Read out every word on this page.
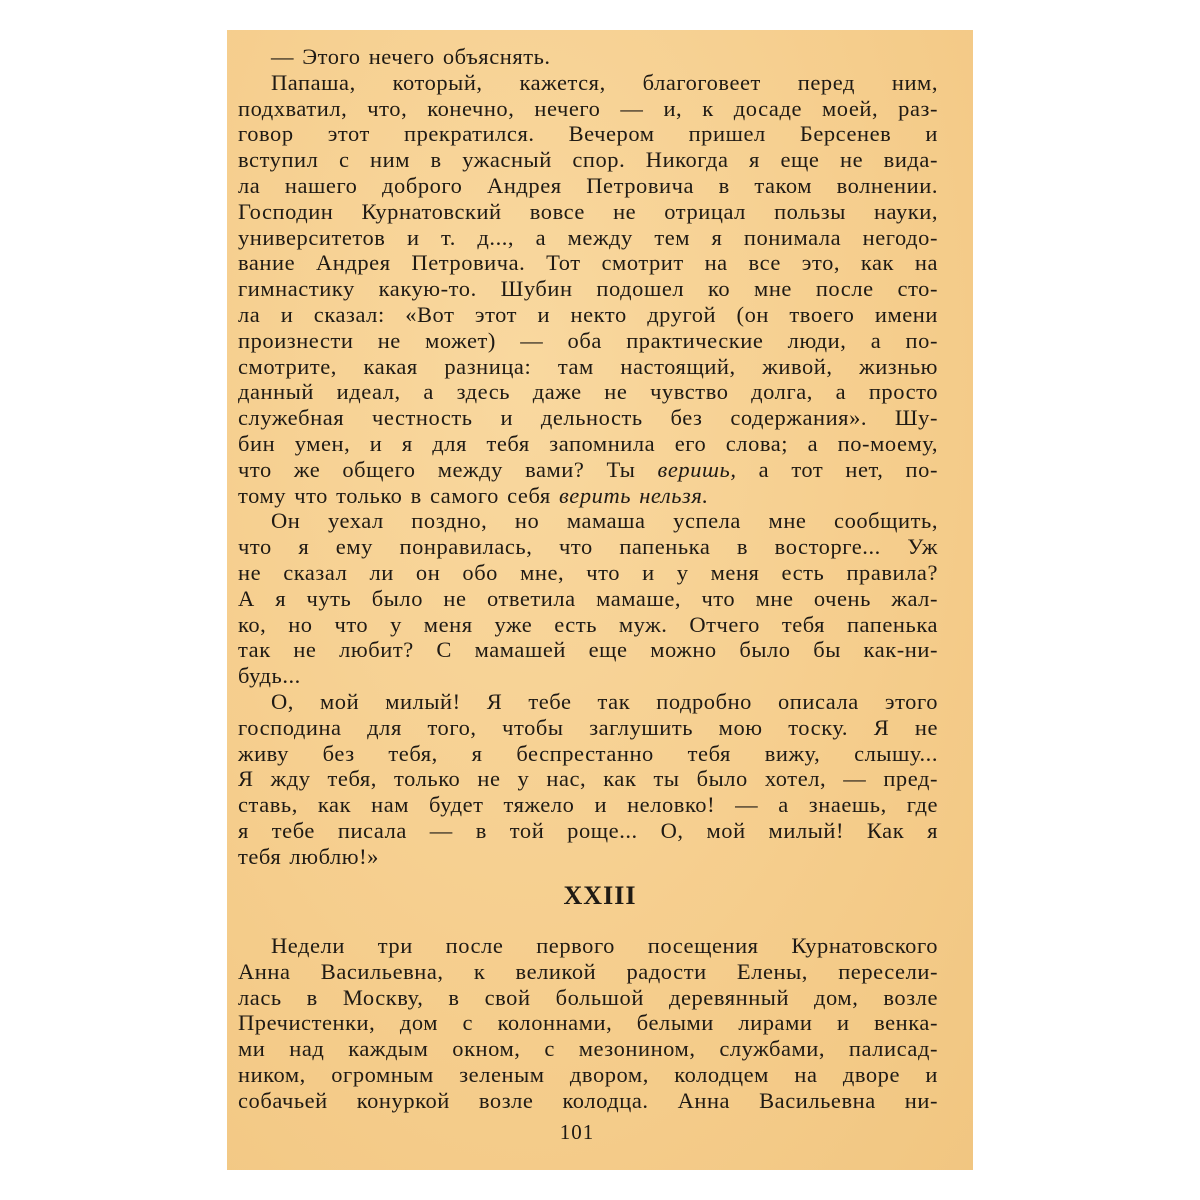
— Этого нечего объяснять.
Папаша, который, кажется, благоговеет перед ним,
подхватил, что, конечно, нечего — и, к досаде моей, раз-
говор этот прекратился. Вечером пришел Берсенев и
вступил с ним в ужасный спор. Никогда я еще не вида-
ла нашего доброго Андрея Петровича в таком волнении.
Господин Курнатовский вовсе не отрицал пользы науки,
университетов и т. д..., а между тем я понимала негодо-
вание Андрея Петровича. Тот смотрит на все это, как на
гимнастику какую-то. Шубин подошел ко мне после сто-
ла и сказал: «Вот этот и некто другой (он твоего имени
произнести не может) — оба практические люди, а по-
смотрите, какая разница: там настоящий, живой, жизнью
данный идеал, а здесь даже не чувство долга, а просто
служебная честность и дельность без содержания». Шу-
бин умен, и я для тебя запомнила его слова; а по-моему,
что же общего между вами? Ты веришь, а тот нет, по-
тому что только в самого себя верить нельзя.
Он уехал поздно, но мамаша успела мне сообщить,
что я ему понравилась, что папенька в восторге... Уж
не сказал ли он обо мне, что и у меня есть правила?
А я чуть было не ответила мамаше, что мне очень жал-
ко, но что у меня уже есть муж. Отчего тебя папенька
так не любит? С мамашей еще можно было бы как-ни-
будь...
О, мой милый! Я тебе так подробно описала этого
господина для того, чтобы заглушить мою тоску. Я не
живу без тебя, я беспрестанно тебя вижу, слышу...
Я жду тебя, только не у нас, как ты было хотел, — пред-
ставь, как нам будет тяжело и неловко! — а знаешь, где
я тебе писала — в той роще... О, мой милый! Как я
тебя люблю!»
XXIII
Недели три после первого посещения Курнатовского
Анна Васильевна, к великой радости Елены, пересели-
лась в Москву, в свой большой деревянный дом, возле
Пречистенки, дом с колоннами, белыми лирами и венка-
ми над каждым окном, с мезонином, службами, палисад-
ником, огромным зеленым двором, колодцем на дворе и
собачьей конуркой возле колодца. Анна Васильевна ни-
101
